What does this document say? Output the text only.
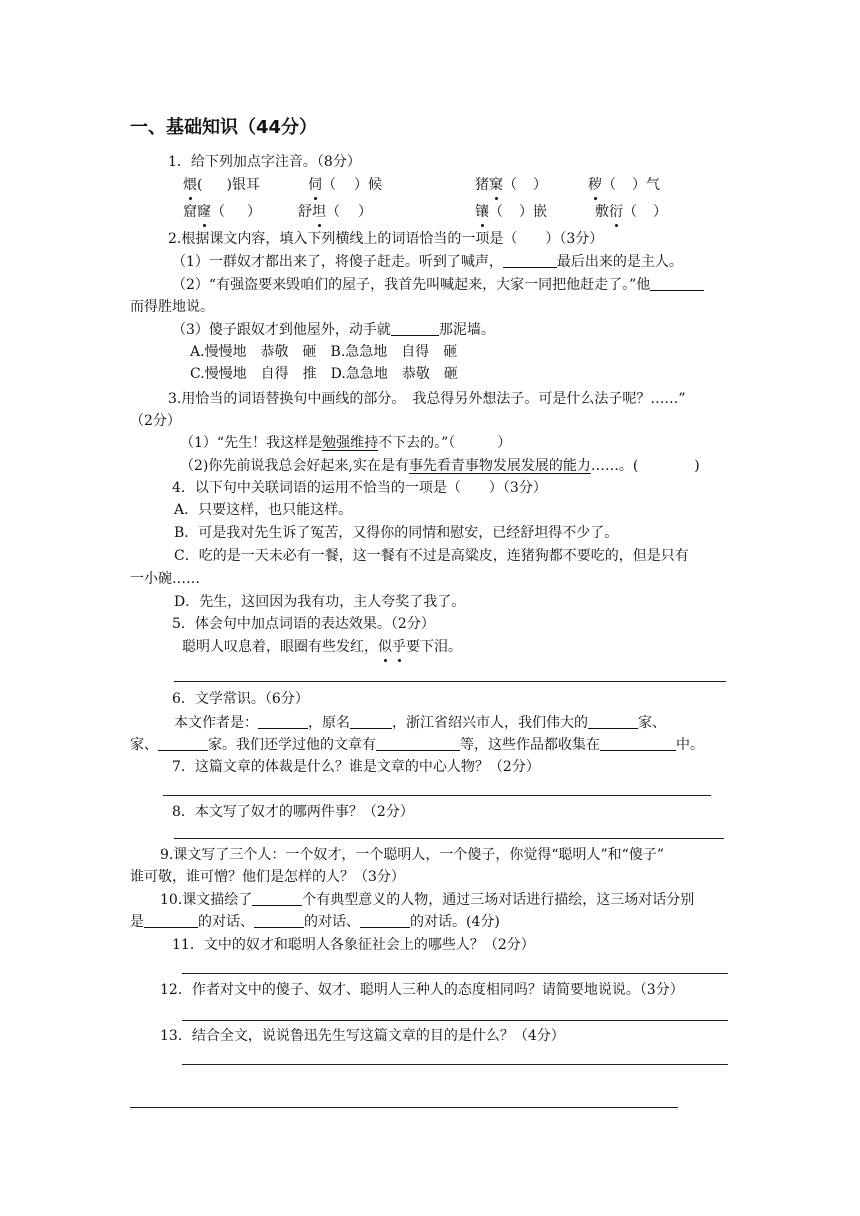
一、基础知识（44分）
1．给下列加点字注音。（8分）
煨( )银耳	伺（ ）候	猪窠（ ）	秽（ ）气
窟窿（ ）	舒坦（ ）	镶（ ）嵌	敷衍（ ）
2.根据课文内容，填入下列横线上的词语恰当的一项是（　　）（3分）
（1）一群奴才都出来了，将傻子赶走。听到了喊声，	最后出来的是主人。
（2）“有强盗要来毁咱们的屋子，我首先叫喊起来，大家一同把他赶走了。”他
而得胜地说。
（3）傻子跟奴才到他屋外，动手就	那泥墙。
A.慢慢地　恭敬　砸　B.急急地　自得　砸
C.慢慢地　自得　推　D.急急地　恭敬　砸
3.用恰当的词语替换句中画线的部分。　我总得另外想法子。可是什么法子呢？……”
（2分）
（1）“先生！我这样是勉强维持不下去的。”（　　　）
（2)你先前说我总会好起来,实在是有事先看青事物发展发展的能力……。(　　　　)
4．以下句中关联词语的运用不恰当的一项是（　　）（3分）
A．只要这样，也只能这样。
B．可是我对先生诉了冤苦，又得你的同情和慰安，已经舒坦得不少了。
C．吃的是一天未必有一餐，这一餐有不过是高粱皮，连猪狗都不要吃的，但是只有
一小碗……
D．先生，这回因为我有功，主人夸奖了我了。
5．体会句中加点词语的表达效果。（2分）
聪明人叹息着，眼圈有些发红，似乎要下泪。
6．文学常识。（6分）
本文作者是：	，原名	，浙江省绍兴市人，我们伟大的	家、
家、	家。我们还学过他的文章有	等，这些作品都收集在	中。
7．这篇文章的体裁是什么？谁是文章的中心人物？（2分）
8．本文写了奴才的哪两件事？（2分）
9.课文写了三个人：一个奴才，一个聪明人，一个傻子，你觉得“聪明人”和“傻子”
谁可敬，谁可憎？他们是怎样的人？（3分）
10.课文描绘了	个有典型意义的人物，通过三场对话进行描绘，这三场对话分别
是	的对话、	的对话、	的对话。(4分)
11．文中的奴才和聪明人各象征社会上的哪些人？（2分）
12．作者对文中的傻子、奴才、聪明人三种人的态度相同吗？请简要地说说。（3分）
13．结合全文，说说鲁迅先生写这篇文章的目的是什么？（4分）
